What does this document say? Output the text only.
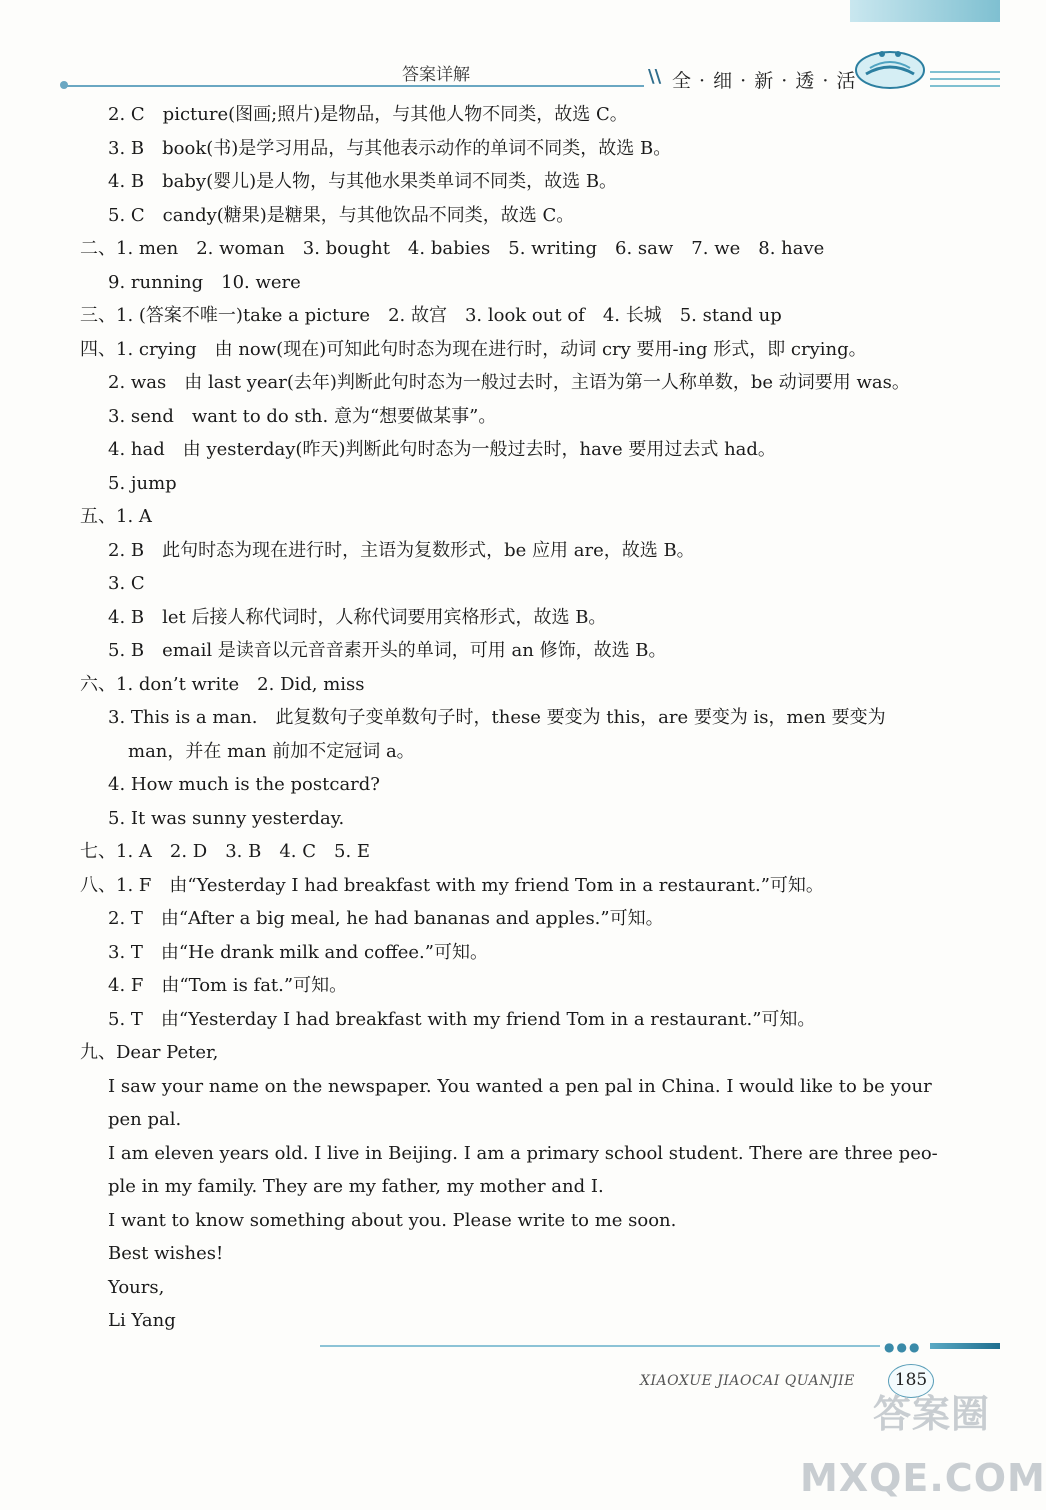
答案详解	\\ 全 · 细 · 新 · 透 · 活
2. C　picture(图画;照片)是物品，与其他人物不同类，故选 C。
3. B　book(书)是学习用品，与其他表示动作的单词不同类，故选 B。
4. B　baby(婴儿)是人物，与其他水果类单词不同类，故选 B。
5. C　candy(糖果)是糖果，与其他饮品不同类，故选 C。
二、1. men　2. woman　3. bought　4. babies　5. writing　6. saw　7. we　8. have
9. running　10. were
三、1. (答案不唯一)take a picture　2. 故宫　3. look out of　4. 长城　5. stand up
四、1. crying　由 now(现在)可知此句时态为现在进行时，动词 cry 要用-ing 形式，即 crying。
2. was　由 last year(去年)判断此句时态为一般过去时，主语为第一人称单数，be 动词要用 was。
3. send　want to do sth. 意为“想要做某事”。
4. had　由 yesterday(昨天)判断此句时态为一般过去时，have 要用过去式 had。
5. jump
五、1. A
2. B　此句时态为现在进行时，主语为复数形式，be 应用 are，故选 B。
3. C
4. B　let 后接人称代词时，人称代词要用宾格形式，故选 B。
5. B　email 是读音以元音音素开头的单词，可用 an 修饰，故选 B。
六、1. don’t write　2. Did, miss
3. This is a man.　此复数句子变单数句子时，these 要变为 this，are 要变为 is，men 要变为
man，并在 man 前加不定冠词 a。
4. How much is the postcard?
5. It was sunny yesterday.
七、1. A　2. D　3. B　4. C　5. E
八、1. F　由“Yesterday I had breakfast with my friend Tom in a restaurant.”可知。
2. T　由“After a big meal, he had bananas and apples.”可知。
3. T　由“He drank milk and coffee.”可知。
4. F　由“Tom is fat.”可知。
5. T　由“Yesterday I had breakfast with my friend Tom in a restaurant.”可知。
九、Dear Peter,
I saw your name on the newspaper. You wanted a pen pal in China. I would like to be your
pen pal.
I am eleven years old. I live in Beijing. I am a primary school student. There are three peo-
ple in my family. They are my father, my mother and I.
I want to know something about you. Please write to me soon.
Best wishes!
Yours,
Li Yang
●●●
XIAOXUE JIAOCAI QUANJIE	185
答案圈 MXQE.COM
